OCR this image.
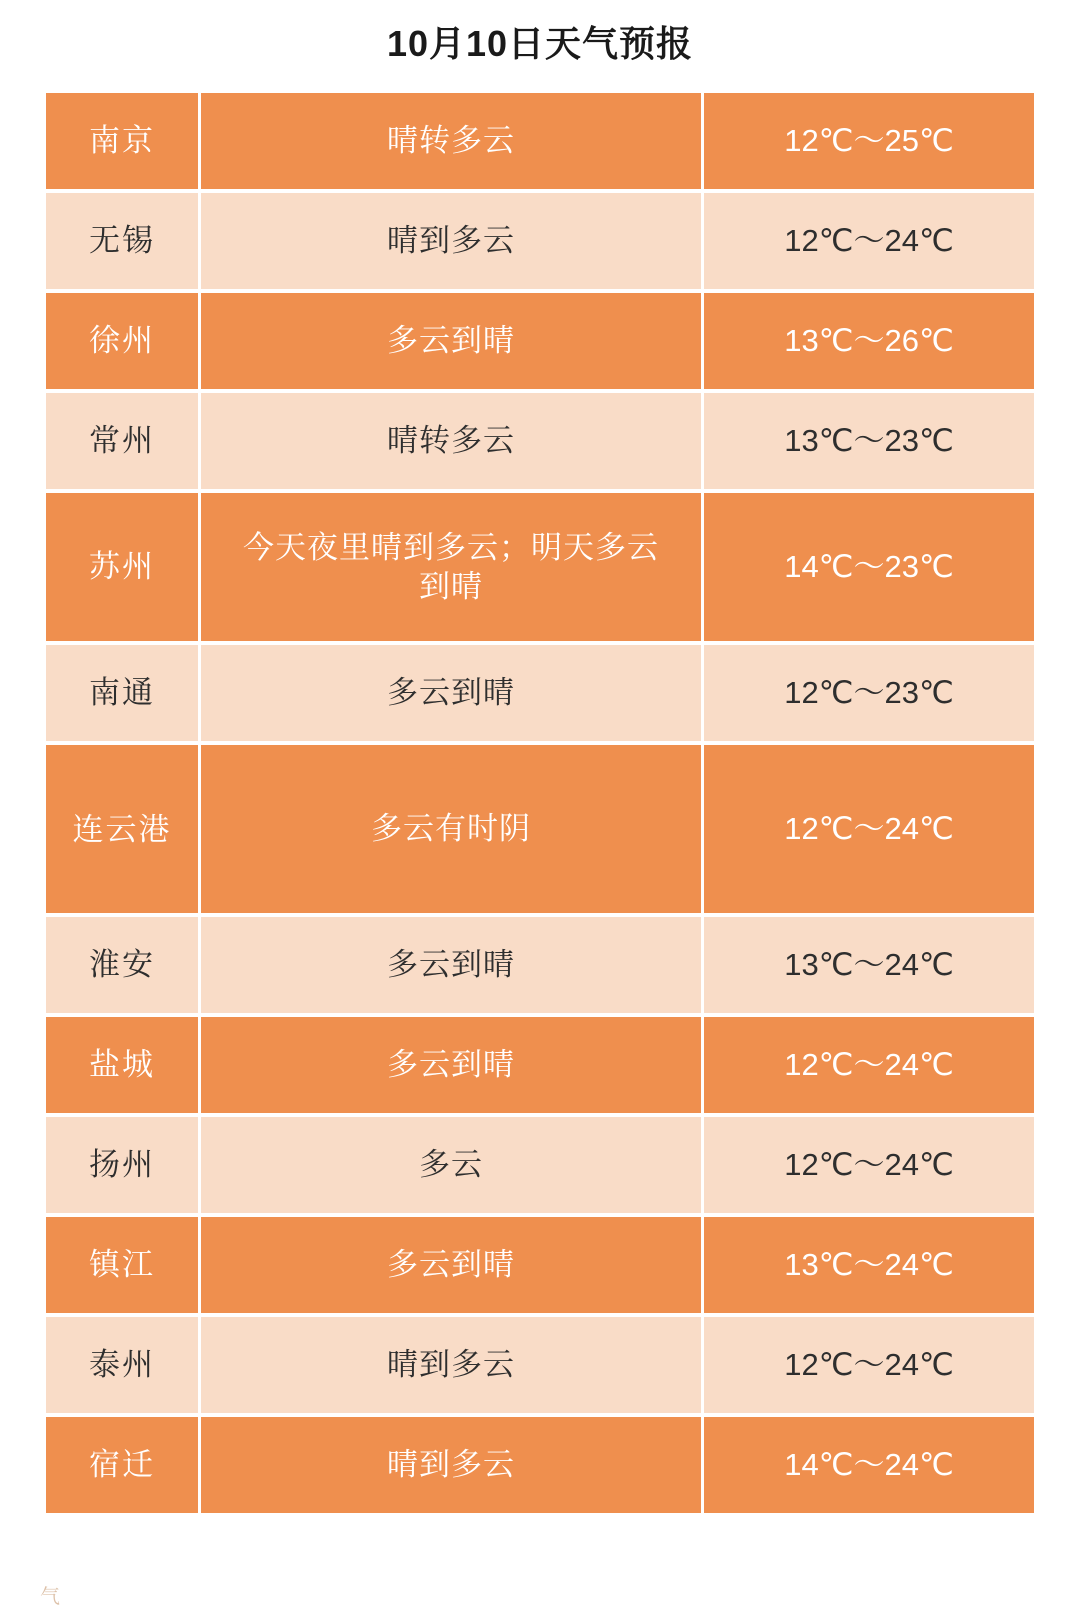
10月10日天气预报
南京	晴转多云	12℃～25℃
无锡	晴到多云	12℃～24℃
徐州	多云到晴	13℃～26℃
常州	晴转多云	13℃～23℃
苏州	今天夜里晴到多云；明天多云到晴	14℃～23℃
南通	多云到晴	12℃～23℃

连云港	多云有时阴	12℃～24℃
淮安	多云到晴	13℃～24℃
盐城	多云到晴	12℃～24℃
扬州	多云	12℃～24℃
镇江	多云到晴	13℃～24℃
泰州	晴到多云	12℃～24℃
宿迁	晴到多云	14℃～24℃
气
